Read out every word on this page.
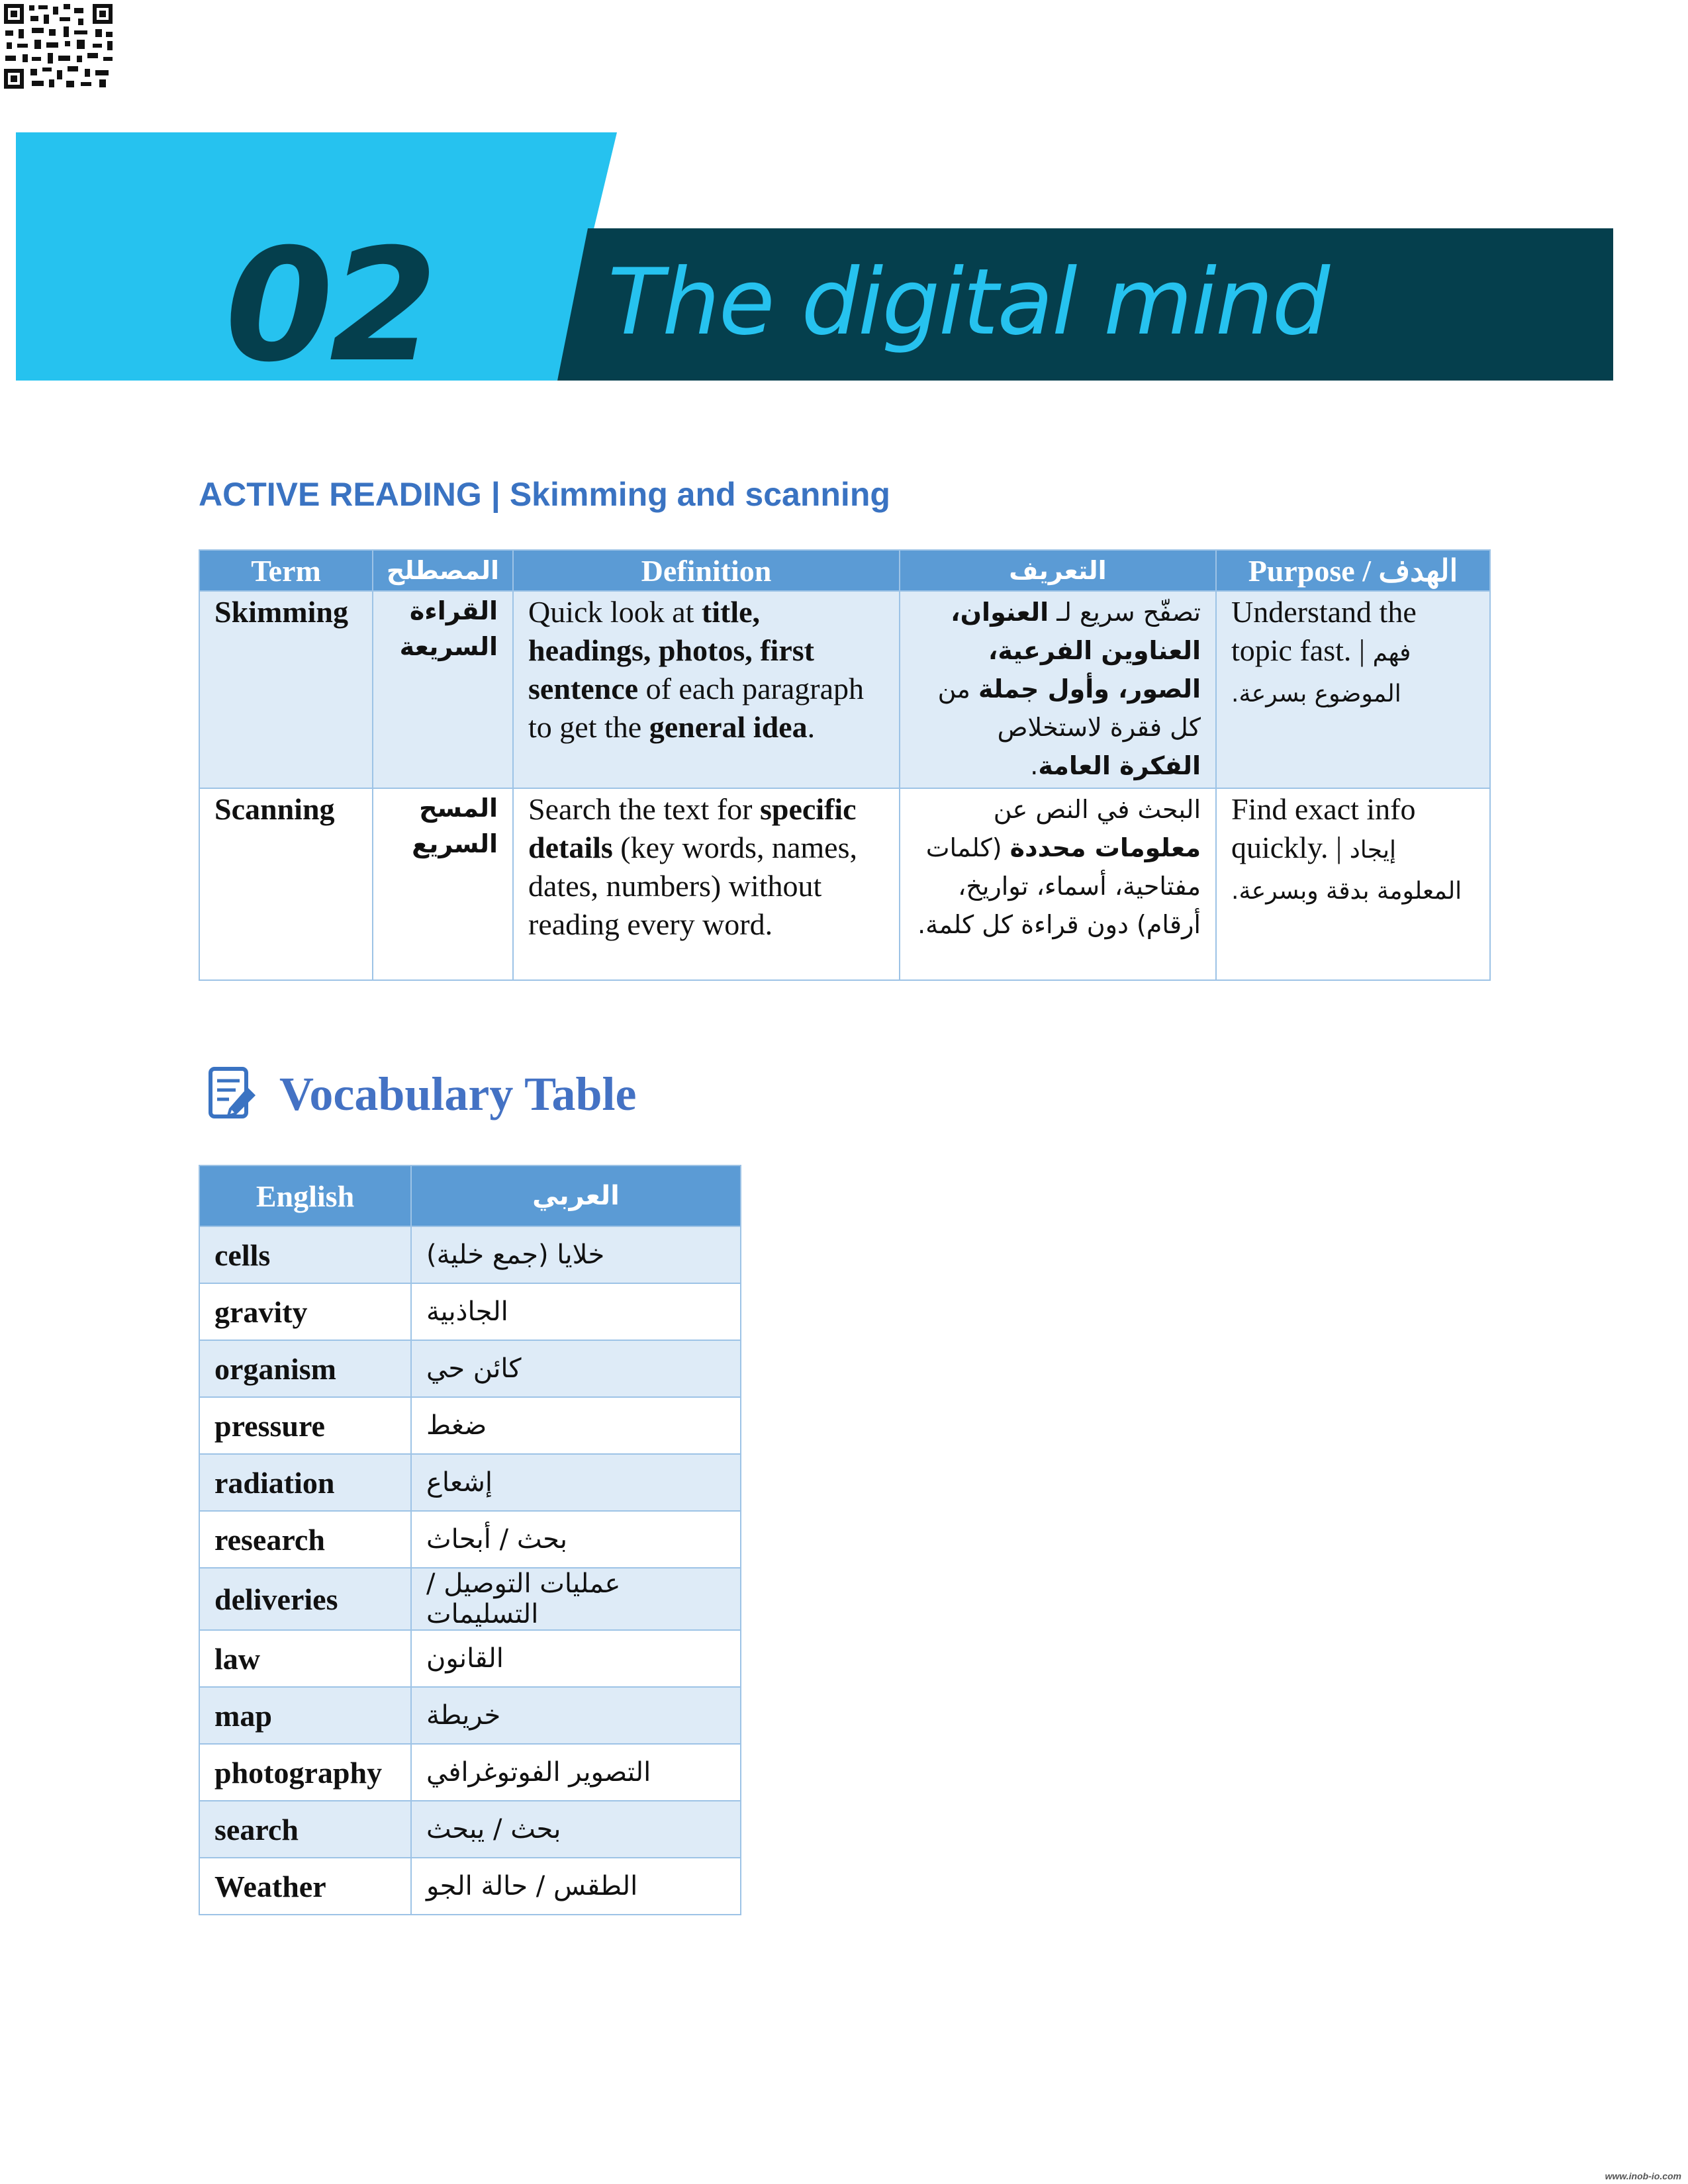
02 The digital mind
ACTIVE READING | Skimming and scanning
Term	المصطلح	Definition	التعريف	Purpose / الهدف
Skimming	القراءة السريعة	Quick look at title, headings, photos, first sentence of each paragraph to get the general idea.	تصفّح سريع لـ العنوان، العناوين الفرعية، الصور، وأول جملة من كل فقرة لاستخلاص الفكرة العامة.	Understand the topic fast. | فهم الموضوع بسرعة.
Scanning	المسح السريع	Search the text for specific details (key words, names, dates, numbers) without reading every word.	البحث في النص عن معلومات محددة (كلمات مفتاحية، أسماء، تواريخ، أرقام) دون قراءة كل كلمة.	Find exact info quickly. | إيجاد المعلومة بدقة وبسرعة.
Vocabulary Table
English	العربي
cells	خلايا (جمع خلية)
gravity	الجاذبية
organism	كائن حي
pressure	ضغط
radiation	إشعاع
research	بحث / أبحاث
deliveries	عمليات التوصيل / التسليمات
law	القانون
map	خريطة
photography	التصوير الفوتوغرافي
search	بحث / يبحث
Weather	الطقس / حالة الجو
www.inob-io.com
